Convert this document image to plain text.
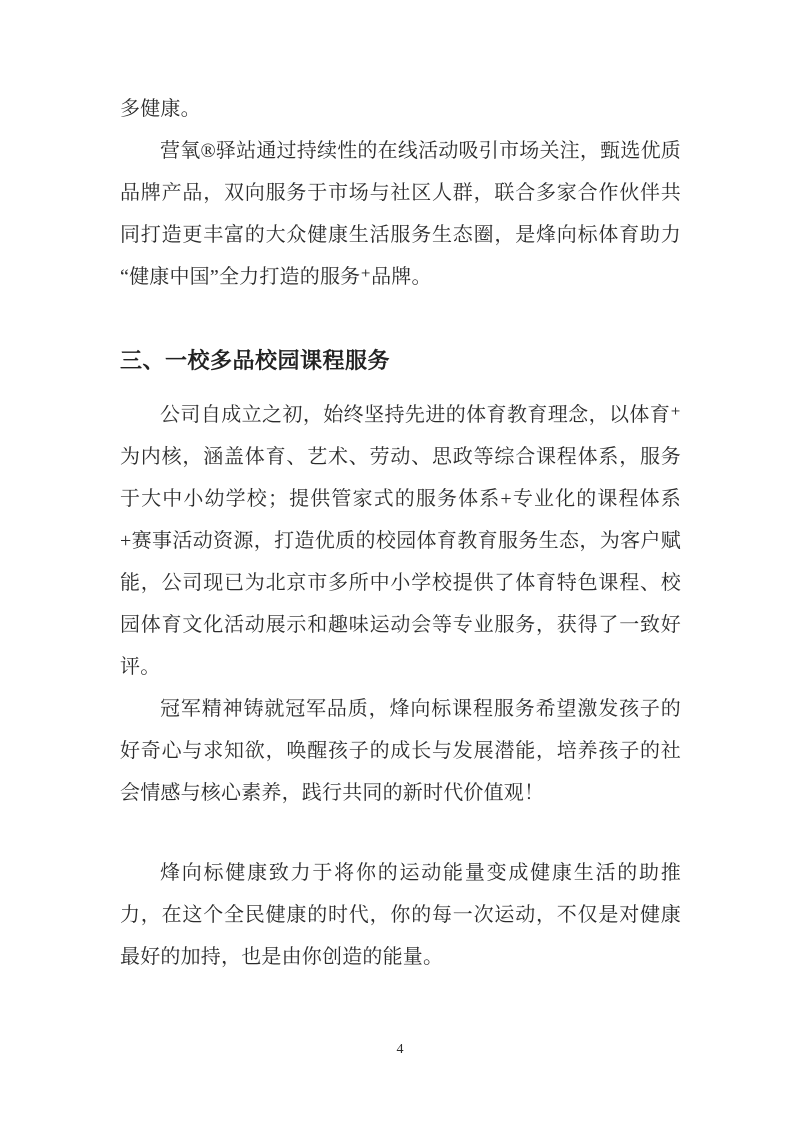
多健康。

营氧®驿站通过持续性的在线活动吸引市场关注，甄选优质品牌产品，双向服务于市场与社区人群，联合多家合作伙伴共同打造更丰富的大众健康生活服务生态圈，是烽向标体育助力“健康中国”全力打造的服务⁺品牌。

三、一校多品校园课程服务

公司自成立之初，始终坚持先进的体育教育理念，以体育⁺为内核，涵盖体育、艺术、劳动、思政等综合课程体系，服务于大中小幼学校；提供管家式的服务体系+专业化的课程体系+赛事活动资源，打造优质的校园体育教育服务生态，为客户赋能，公司现已为北京市多所中小学校提供了体育特色课程、校园体育文化活动展示和趣味运动会等专业服务，获得了一致好评。

冠军精神铸就冠军品质，烽向标课程服务希望激发孩子的好奇心与求知欲，唤醒孩子的成长与发展潜能，培养孩子的社会情感与核心素养，践行共同的新时代价值观！

烽向标健康致力于将你的运动能量变成健康生活的助推力，在这个全民健康的时代，你的每一次运动，不仅是对健康最好的加持，也是由你创造的能量。

4
